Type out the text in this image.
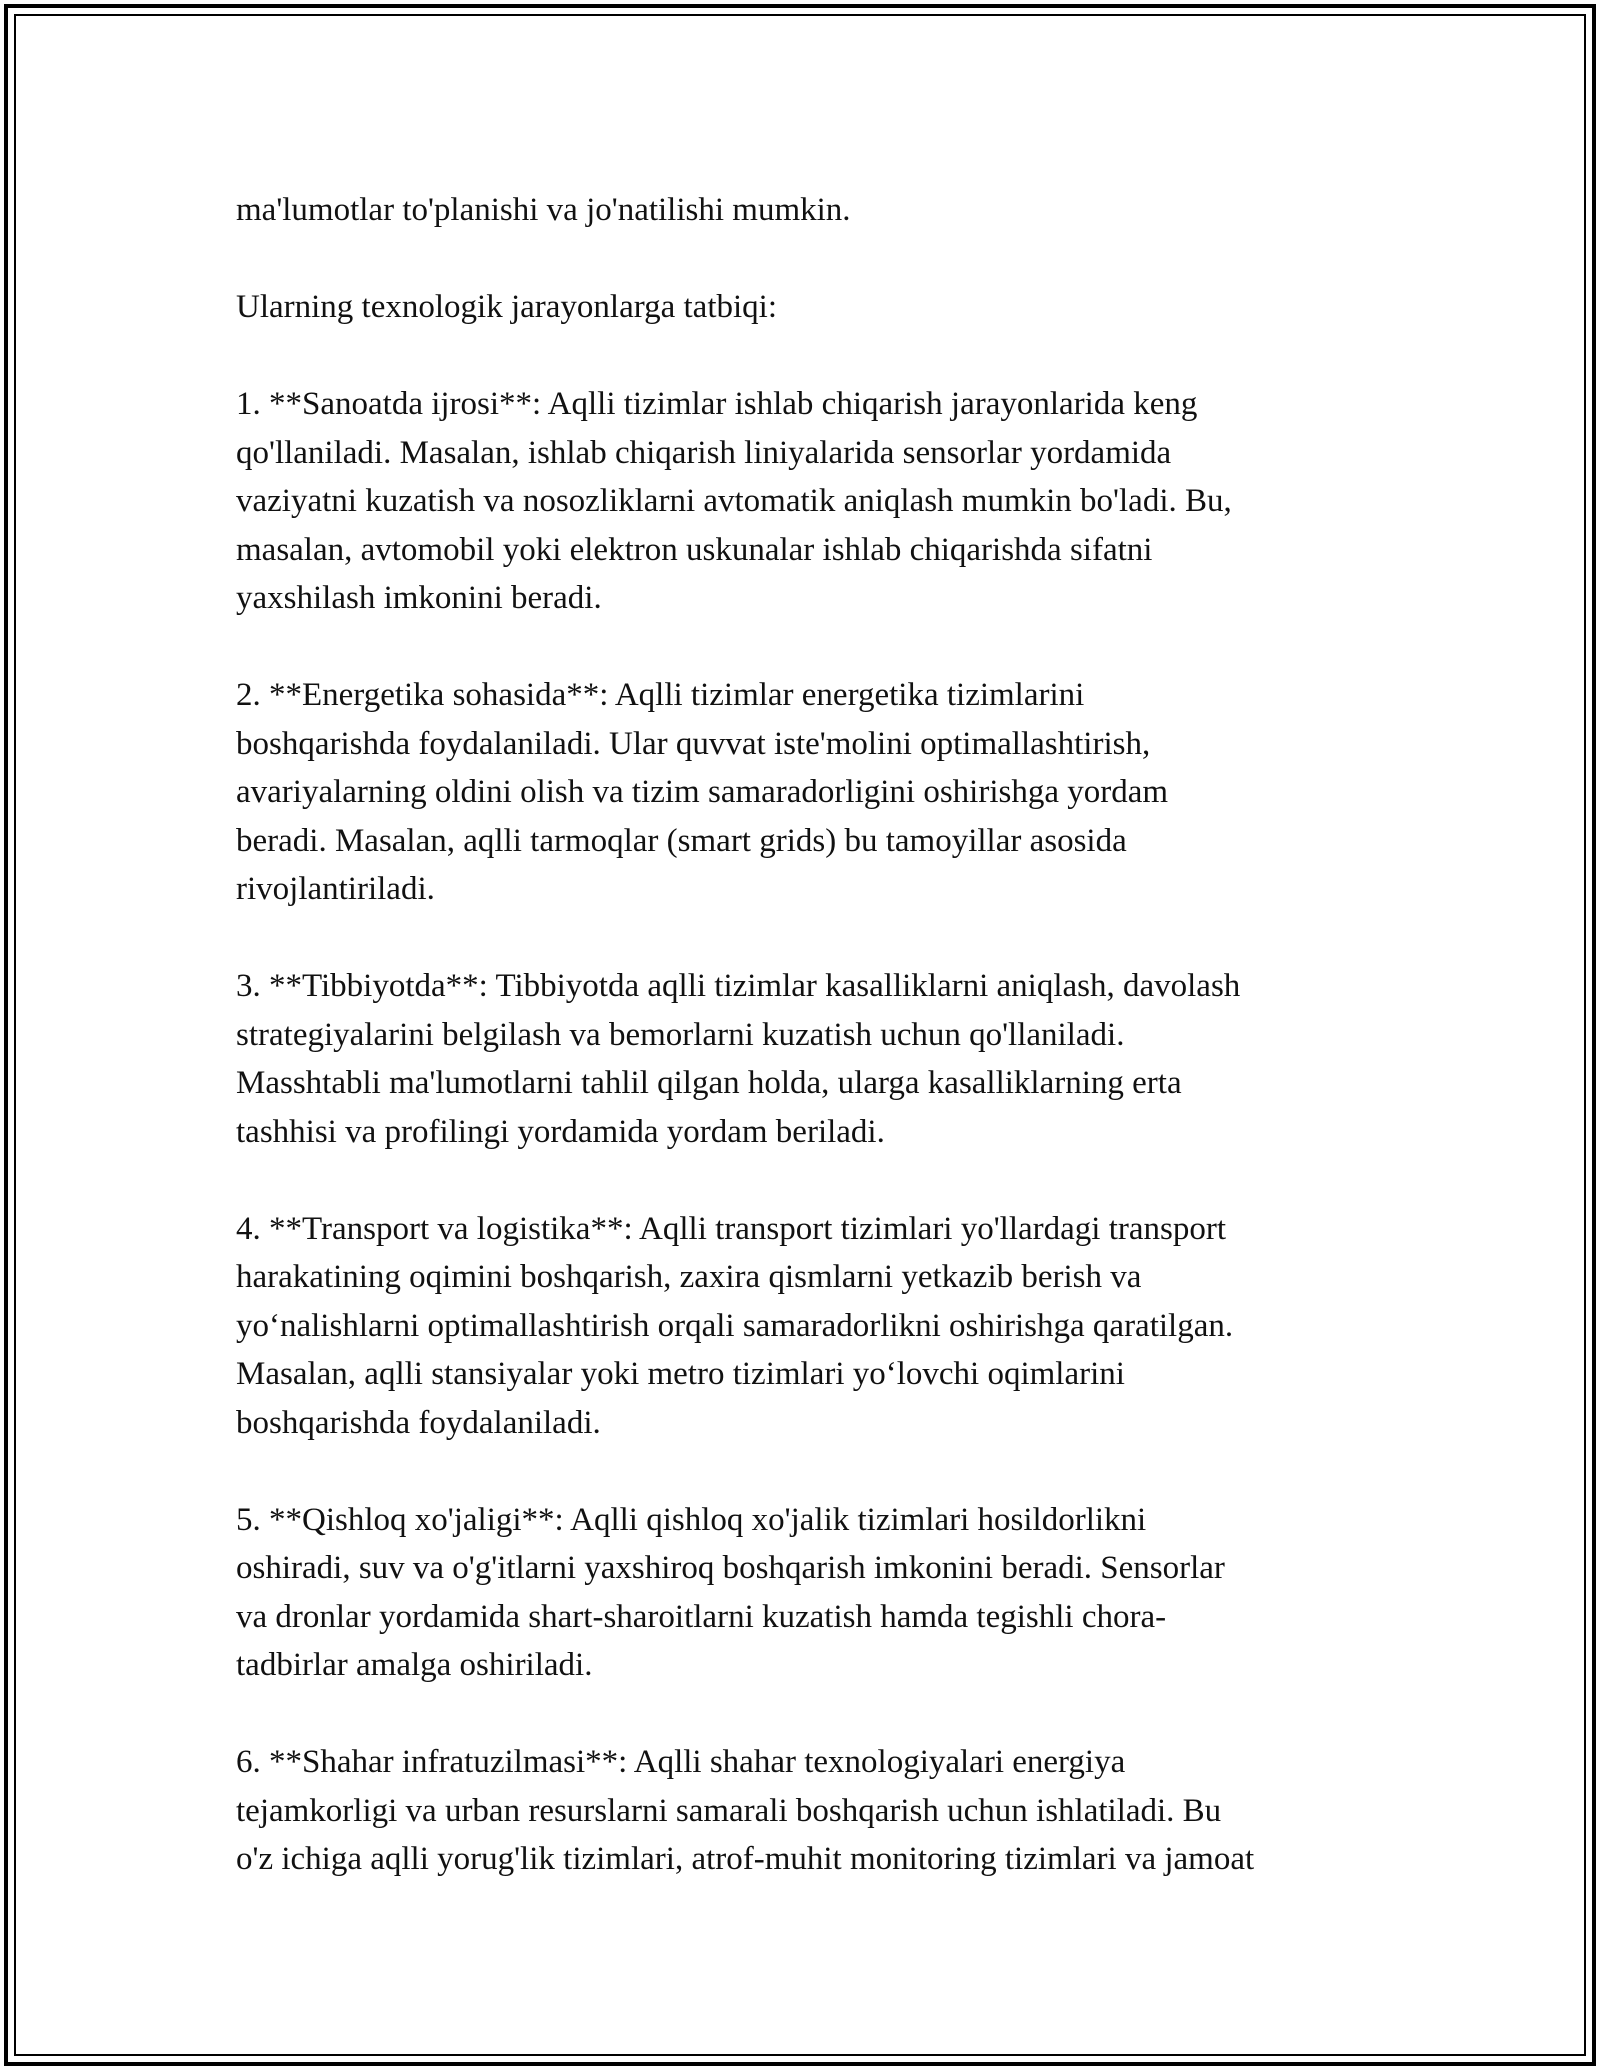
ma'lumotlar to'planishi va jo'natilishi mumkin.
Ularning texnologik jarayonlarga tatbiqi:
1. **Sanoatda ijrosi**: Aqlli tizimlar ishlab chiqarish jarayonlarida keng
qo'llaniladi. Masalan, ishlab chiqarish liniyalarida sensorlar yordamida
vaziyatni kuzatish va nosozliklarni avtomatik aniqlash mumkin bo'ladi. Bu,
masalan, avtomobil yoki elektron uskunalar ishlab chiqarishda sifatni
yaxshilash imkonini beradi.
2. **Energetika sohasida**: Aqlli tizimlar energetika tizimlarini
boshqarishda foydalaniladi. Ular quvvat iste'molini optimallashtirish,
avariyalarning oldini olish va tizim samaradorligini oshirishga yordam
beradi. Masalan, aqlli tarmoqlar (smart grids) bu tamoyillar asosida
rivojlantiriladi.
3. **Tibbiyotda**: Tibbiyotda aqlli tizimlar kasalliklarni aniqlash, davolash
strategiyalarini belgilash va bemorlarni kuzatish uchun qo'llaniladi.
Masshtabli ma'lumotlarni tahlil qilgan holda, ularga kasalliklarning erta
tashhisi va profilingi yordamida yordam beriladi.
4. **Transport va logistika**: Aqlli transport tizimlari yo'llardagi transport
harakatining oqimini boshqarish, zaxira qismlarni yetkazib berish va
yo‘nalishlarni optimallashtirish orqali samaradorlikni oshirishga qaratilgan.
Masalan, aqlli stansiyalar yoki metro tizimlari yo‘lovchi oqimlarini
boshqarishda foydalaniladi.
5. **Qishloq xo'jaligi**: Aqlli qishloq xo'jalik tizimlari hosildorlikni
oshiradi, suv va o'g'itlarni yaxshiroq boshqarish imkonini beradi. Sensorlar
va dronlar yordamida shart-sharoitlarni kuzatish hamda tegishli chora-
tadbirlar amalga oshiriladi.
6. **Shahar infratuzilmasi**: Aqlli shahar texnologiyalari energiya
tejamkorligi va urban resurslarni samarali boshqarish uchun ishlatiladi. Bu
o'z ichiga aqlli yorug'lik tizimlari, atrof-muhit monitoring tizimlari va jamoat
